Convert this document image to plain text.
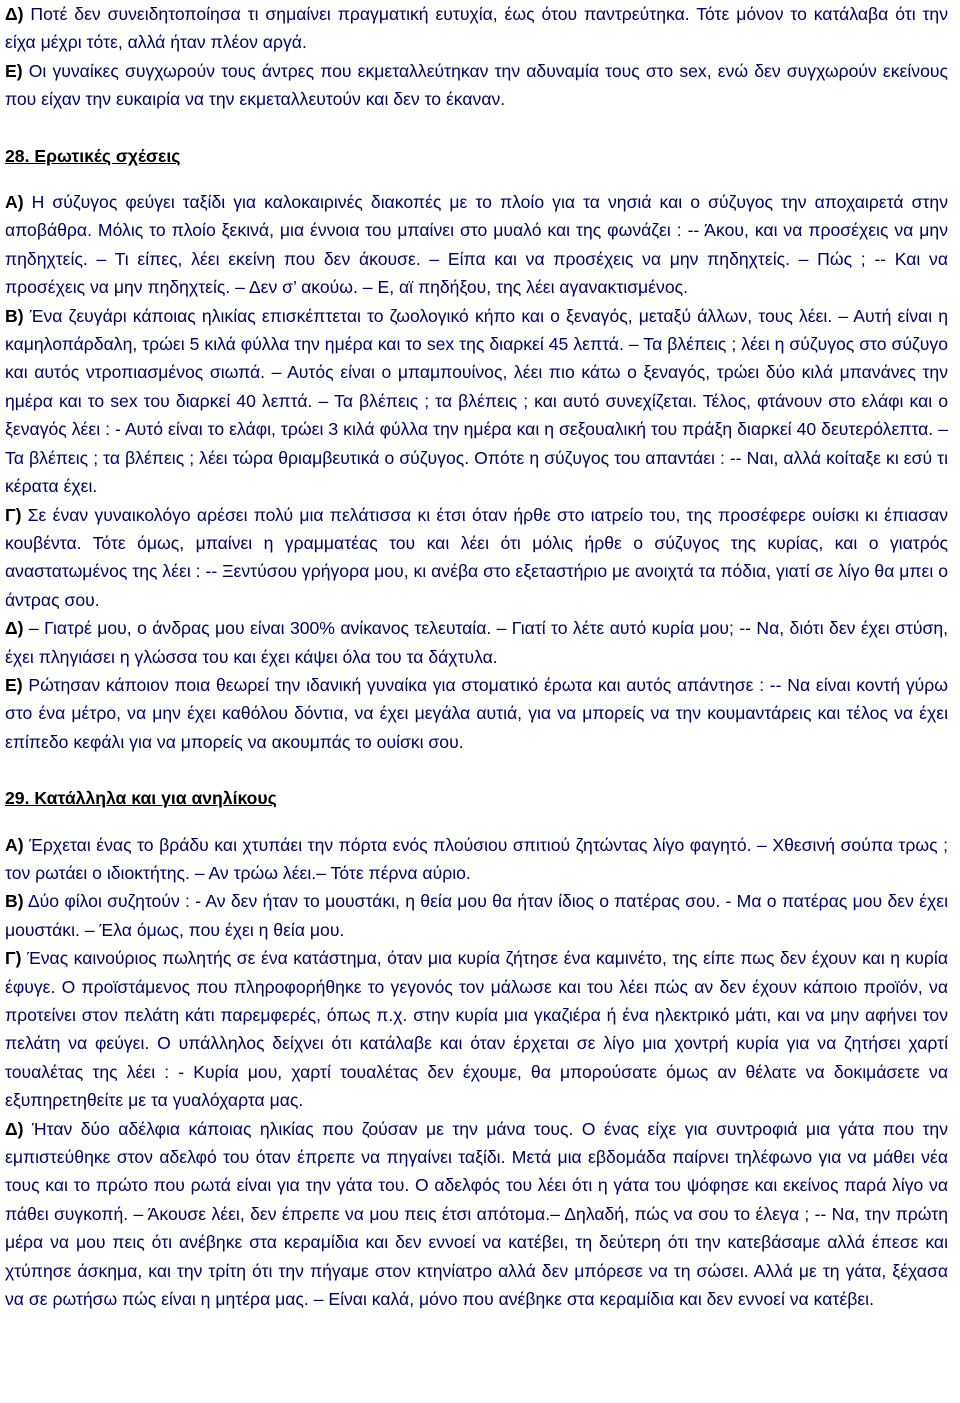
Δ) Ποτέ δεν συνειδητοποίησα τι σημαίνει πραγματική ευτυχία, έως ότου παντρεύτηκα. Τότε μόνον το κατάλαβα ότι την είχα μέχρι τότε, αλλά ήταν πλέον αργά.

Ε) Οι γυναίκες συγχωρούν τους άντρες που εκμεταλλεύτηκαν την αδυναμία τους στο sex, ενώ δεν συγχωρούν εκείνους που είχαν την ευκαιρία να την εκμεταλλευτούν και δεν το έκαναν.

28. Ερωτικές σχέσεις

Α) Η σύζυγος φεύγει ταξίδι για καλοκαιρινές διακοπές με το πλοίο για τα νησιά και ο σύζυγος την αποχαιρετά στην αποβάθρα. Μόλις το πλοίο ξεκινά, μια έννοια του μπαίνει στο μυαλό και της φωνάζει : -- Άκου, και να προσέχεις να μην πηδηχτείς. – Τι είπες, λέει εκείνη που δεν άκουσε. – Είπα και να προσέχεις να μην πηδηχτείς. – Πώς ; -- Και να προσέχεις να μην πηδηχτείς. – Δεν σ’ ακούω. – Ε, αϊ πηδήξου, της λέει αγανακτισμένος.

Β) Ένα ζευγάρι κάποιας ηλικίας επισκέπτεται το ζωολογικό κήπο και ο ξεναγός, μεταξύ άλλων, τους λέει. – Αυτή είναι η καμηλοπάρδαλη, τρώει 5 κιλά φύλλα την ημέρα και το sex της διαρκεί 45 λεπτά. – Τα βλέπεις ; λέει η σύζυγος στο σύζυγο και αυτός ντροπιασμένος σιωπά. – Αυτός είναι ο μπαμπουίνος, λέει πιο κάτω ο ξεναγός, τρώει δύο κιλά μπανάνες την ημέρα και το sex του διαρκεί 40 λεπτά. – Τα βλέπεις ; τα βλέπεις ; και αυτό συνεχίζεται. Τέλος, φτάνουν στο ελάφι και ο ξεναγός λέει : - Αυτό είναι το ελάφι, τρώει 3 κιλά φύλλα την ημέρα και η σεξουαλική του πράξη διαρκεί 40 δευτερόλεπτα. – Τα βλέπεις ; τα βλέπεις ; λέει τώρα θριαμβευτικά ο σύζυγος. Οπότε η σύζυγος του απαντάει : -- Ναι, αλλά κοίταξε κι εσύ τι κέρατα έχει.

Γ) Σε έναν γυναικολόγο αρέσει πολύ μια πελάτισσα κι έτσι όταν ήρθε στο ιατρείο του, της προσέφερε ουίσκι κι έπιασαν κουβέντα. Τότε όμως, μπαίνει η γραμματέας του και λέει ότι μόλις ήρθε ο σύζυγος της κυρίας, και ο γιατρός αναστατωμένος της λέει : -- Ξεντύσου γρήγορα μου, κι ανέβα στο εξεταστήριο με ανοιχτά τα πόδια, γιατί σε λίγο θα μπει ο άντρας σου.

Δ) – Γιατρέ μου, ο άνδρας μου είναι 300% ανίκανος τελευταία. – Γιατί το λέτε αυτό κυρία μου; -- Να, διότι δεν έχει στύση, έχει πληγιάσει η γλώσσα του και έχει κάψει όλα του τα δάχτυλα.

Ε) Ρώτησαν κάποιον ποια θεωρεί την ιδανική γυναίκα για στοματικό έρωτα και αυτός απάντησε : -- Να είναι κοντή γύρω στο ένα μέτρο, να μην έχει καθόλου δόντια, να έχει μεγάλα αυτιά, για να μπορείς να την κουμαντάρεις και τέλος να έχει επίπεδο κεφάλι για να μπορείς να ακουμπάς το ουίσκι σου.

29. Κατάλληλα και για ανηλίκους

Α) Έρχεται ένας το βράδυ και χτυπάει την πόρτα ενός πλούσιου σπιτιού ζητώντας λίγο φαγητό. – Χθεσινή σούπα τρως ; τον ρωτάει ο ιδιοκτήτης. – Αν τρώω λέει.– Τότε πέρνα αύριο.

Β) Δύο φίλοι συζητούν : - Αν δεν ήταν το μουστάκι, η θεία μου θα ήταν ίδιος ο πατέρας σου. - Μα ο πατέρας μου δεν έχει μουστάκι. – Έλα όμως, που έχει η θεία μου.

Γ) Ένας καινούριος πωλητής σε ένα κατάστημα, όταν μια κυρία ζήτησε ένα καμινέτο, της είπε πως δεν έχουν και η κυρία έφυγε. Ο προϊστάμενος που πληροφορήθηκε το γεγονός τον μάλωσε και του λέει πώς αν δεν έχουν κάποιο προϊόν, να προτείνει στον πελάτη κάτι παρεμφερές, όπως π.χ. στην κυρία μια γκαζιέρα ή ένα ηλεκτρικό μάτι, και να μην αφήνει τον πελάτη να φεύγει. Ο υπάλληλος δείχνει ότι κατάλαβε και όταν έρχεται σε λίγο μια χοντρή κυρία για να ζητήσει χαρτί τουαλέτας της λέει : - Κυρία μου, χαρτί τουαλέτας δεν έχουμε, θα μπορούσατε όμως αν θέλατε να δοκιμάσετε να εξυπηρετηθείτε με τα γυαλόχαρτα μας.

Δ) Ήταν δύο αδέλφια κάποιας ηλικίας που ζούσαν με την μάνα τους. Ο ένας είχε για συντροφιά μια γάτα που την εμπιστεύθηκε στον αδελφό του όταν έπρεπε να πηγαίνει ταξίδι. Μετά μια εβδομάδα παίρνει τηλέφωνο για να μάθει νέα τους και το πρώτο που ρωτά είναι για την γάτα του. Ο αδελφός του λέει ότι η γάτα του ψόφησε και εκείνος παρά λίγο να πάθει συγκοπή. – Άκουσε λέει, δεν έπρεπε να μου πεις έτσι απότομα.– Δηλαδή, πώς να σου το έλεγα ; -- Να, την πρώτη μέρα να μου πεις ότι ανέβηκε στα κεραμίδια και δεν εννοεί να κατέβει, τη δεύτερη ότι την κατεβάσαμε αλλά έπεσε και χτύπησε άσκημα, και την τρίτη ότι την πήγαμε στον κτηνίατρο αλλά δεν μπόρεσε να τη σώσει. Αλλά με τη γάτα, ξέχασα να σε ρωτήσω πώς είναι η μητέρα μας. – Είναι καλά, μόνο που ανέβηκε στα κεραμίδια και δεν εννοεί να κατέβει.
